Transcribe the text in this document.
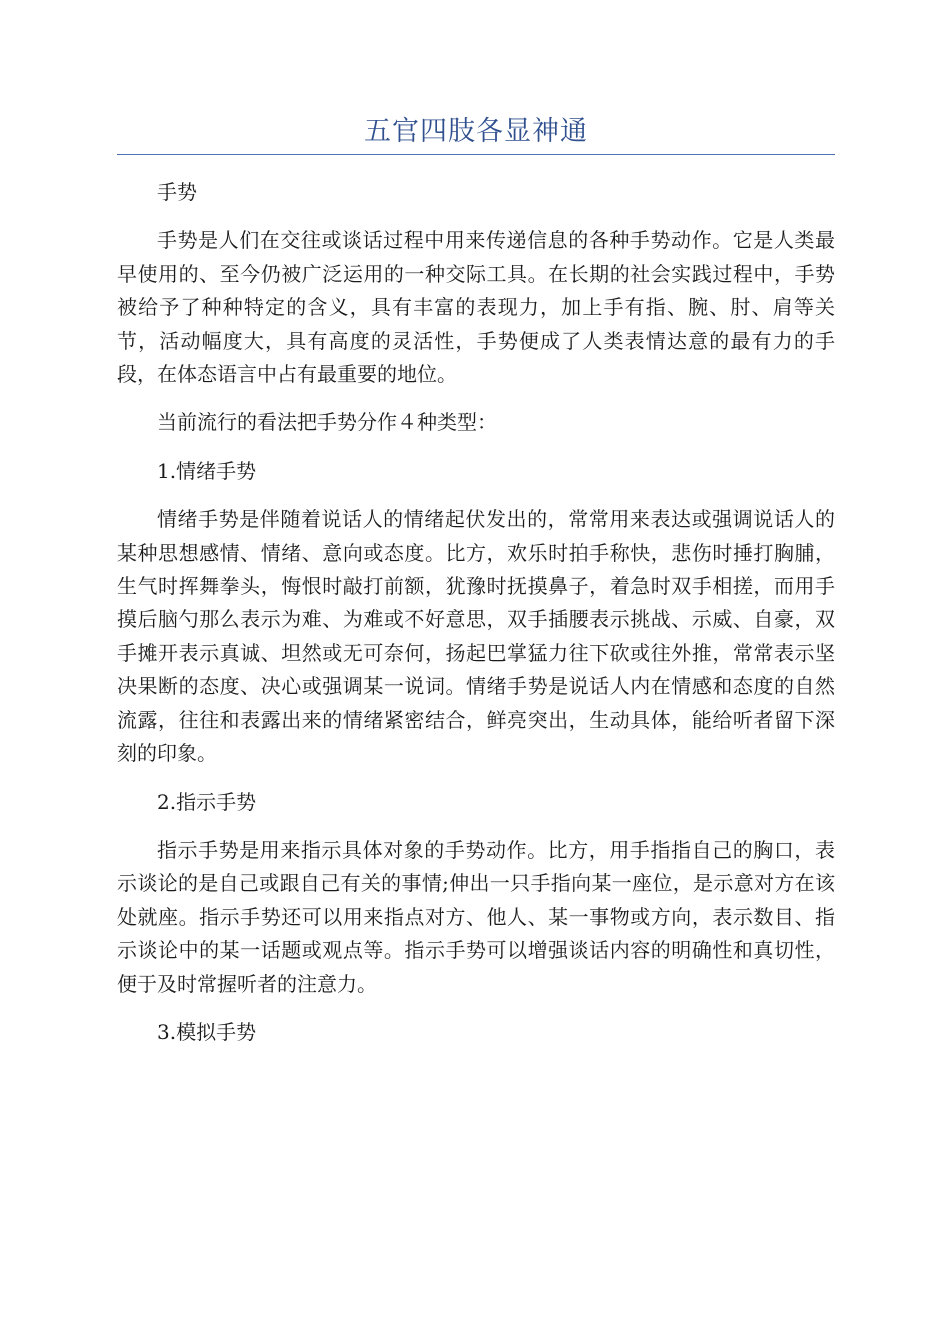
五官四肢各显神通

手势

手势是人们在交往或谈话过程中用来传递信息的各种手势动作。它是人类最早使用的、至今仍被广泛运用的一种交际工具。在长期的社会实践过程中，手势被给予了种种特定的含义，具有丰富的表现力，加上手有指、腕、肘、肩等关节，活动幅度大，具有高度的灵活性，手势便成了人类表情达意的最有力的手段，在体态语言中占有最重要的地位。

当前流行的看法把手势分作４种类型：

1.情绪手势

情绪手势是伴随着说话人的情绪起伏发出的，常常用来表达或强调说话人的某种思想感情、情绪、意向或态度。比方，欢乐时拍手称快，悲伤时捶打胸脯，生气时挥舞拳头，悔恨时敲打前额，犹豫时抚摸鼻子，着急时双手相搓，而用手摸后脑勺那么表示为难、为难或不好意思，双手插腰表示挑战、示威、自豪，双手摊开表示真诚、坦然或无可奈何，扬起巴掌猛力往下砍或往外推，常常表示坚决果断的态度、决心或强调某一说词。情绪手势是说话人内在情感和态度的自然流露，往往和表露出来的情绪紧密结合，鲜亮突出，生动具体，能给听者留下深刻的印象。

2.指示手势

指示手势是用来指示具体对象的手势动作。比方，用手指指自己的胸口，表示谈论的是自己或跟自己有关的事情;伸出一只手指向某一座位，是示意对方在该处就座。指示手势还可以用来指点对方、他人、某一事物或方向，表示数目、指示谈论中的某一话题或观点等。指示手势可以增强谈话内容的明确性和真切性，便于及时常握听者的注意力。

3.模拟手势
